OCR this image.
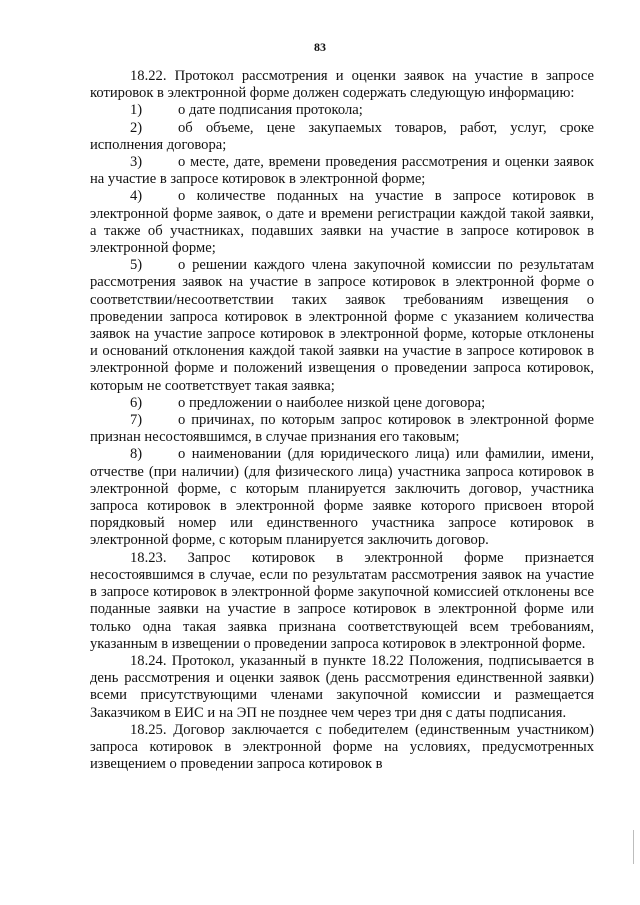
83

18.22. Протокол рассмотрения и оценки заявок на участие в запросе котировок в электронной форме должен содержать следующую информацию:

1) о дате подписания протокола;

2) об объеме, цене закупаемых товаров, работ, услуг, сроке исполнения договора;

3) о месте, дате, времени проведения рассмотрения и оценки заявок на участие в запросе котировок в электронной форме;

4) о количестве поданных на участие в запросе котировок в электронной форме заявок, о дате и времени регистрации каждой такой заявки, а также об участниках, подавших заявки на участие в запросе котировок в электронной форме;

5) о решении каждого члена закупочной комиссии по результатам рассмотрения заявок на участие в запросе котировок в электронной форме о соответствии/несоответствии таких заявок требованиям извещения о проведении запроса котировок в электронной форме с указанием количества заявок на участие запросе котировок в электронной форме, которые отклонены и оснований отклонения каждой такой заявки на участие в запросе котировок в электронной форме и положений извещения о проведении запроса котировок, которым не соответствует такая заявка;

6) о предложении о наиболее низкой цене договора;

7) о причинах, по которым запрос котировок в электронной форме признан несостоявшимся, в случае признания его таковым;

8) о наименовании (для юридического лица) или фамилии, имени, отчестве (при наличии) (для физического лица) участника запроса котировок в электронной форме, с которым планируется заключить договор, участника запроса котировок в электронной форме заявке которого присвоен второй порядковый номер или единственного участника запросе котировок в электронной форме, с которым планируется заключить договор.

18.23. Запрос котировок в электронной форме признается несостоявшимся в случае, если по результатам рассмотрения заявок на участие в запросе котировок в электронной форме закупочной комиссией отклонены все поданные заявки на участие в запросе котировок в электронной форме или только одна такая заявка признана соответствующей всем требованиям, указанным в извещении о проведении запроса котировок в электронной форме.

18.24. Протокол, указанный в пункте 18.22 Положения, подписывается в день рассмотрения и оценки заявок (день рассмотрения единственной заявки) всеми присутствующими членами закупочной комиссии и размещается Заказчиком в ЕИС и на ЭП не позднее чем через три дня с даты подписания.

18.25. Договор заключается с победителем (единственным участником) запроса котировок в электронной форме на условиях, предусмотренных извещением о проведении запроса котировок в
